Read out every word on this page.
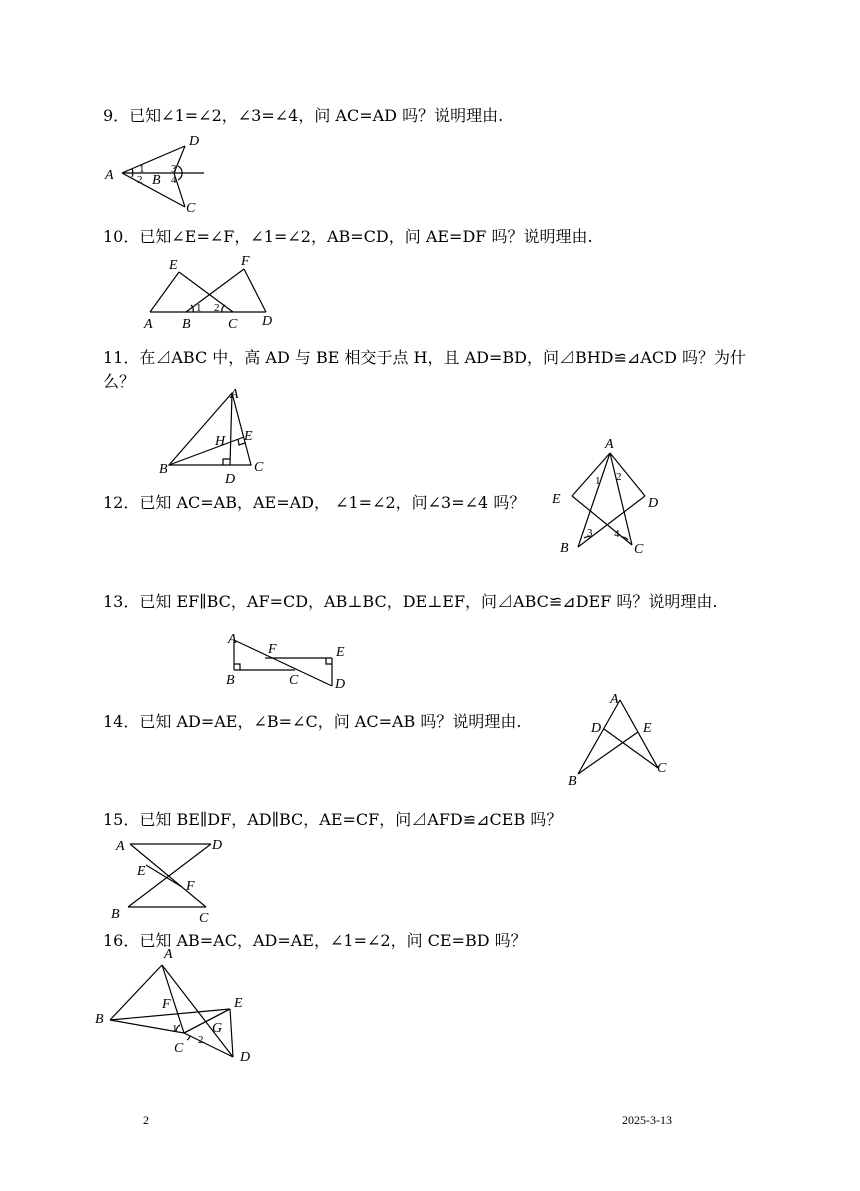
9．已知∠1=∠2，∠3=∠4，问 AC=AD 吗？说明理由.
10．已知∠E=∠F，∠1=∠2，AB=CD，问 AE=DF 吗？说明理由.
11．在⊿ABC 中，高 AD 与 BE 相交于点 H，且 AD=BD，问⊿BHD≌⊿ACD 吗？为什么？
12．已知 AC=AB，AE=AD， ∠1=∠2，问∠3=∠4 吗？
13．已知 EF∥BC，AF=CD，AB⊥BC，DE⊥EF，问⊿ABC≌⊿DEF 吗？说明理由.
14．已知 AD=AE，∠B=∠C，问 AC=AB 吗？说明理由.
15．已知 BE∥DF，AD∥BC，AE=CF，问⊿AFD≌⊿CEB 吗？
16．已知 AB=AC，AD=AE，∠1=∠2，问 CE=BD 吗？
A	B
C
D
1
2
3
4
A B	C D
E	F
1 2
A
B	C
D
E
H	A
B	C
D
E
1 2
3 4
A
B	C	D
E
F
A
B
C
D	E
A
B	C
D
E
F
A
B
C
D
E
F
G
1
2
2	2025-3-13
